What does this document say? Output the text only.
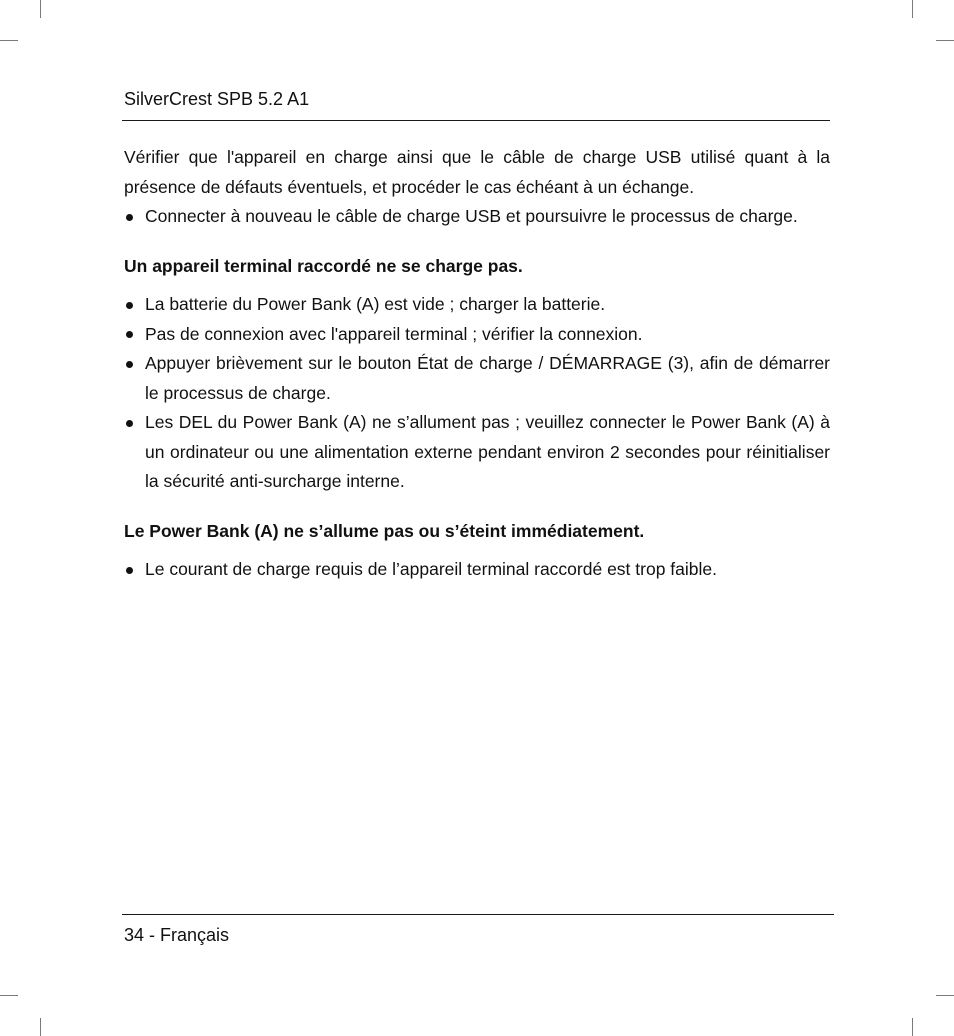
SilverCrest SPB 5.2 A1

Vérifier que l'appareil en charge ainsi que le câble de charge USB utilisé quant à la présence de défauts éventuels, et procéder le cas échéant à un échange.

Connecter à nouveau le câble de charge USB et poursuivre le processus de charge.
Un appareil terminal raccordé ne se charge pas.
La batterie du Power Bank (A) est vide ; charger la batterie.
Pas de connexion avec l'appareil terminal ; vérifier la connexion.
Appuyer brièvement sur le bouton État de charge / DÉMARRAGE (3), afin de démarrer le processus de charge.
Les DEL du Power Bank (A) ne s’allument pas ; veuillez connecter le Power Bank (A) à un ordinateur ou une alimentation externe pendant environ 2 secondes pour réinitialiser la sécurité anti-surcharge interne.
Le Power Bank (A) ne s’allume pas ou s’éteint immédiatement.
Le courant de charge requis de l’appareil terminal raccordé est trop faible.
34 - Français
